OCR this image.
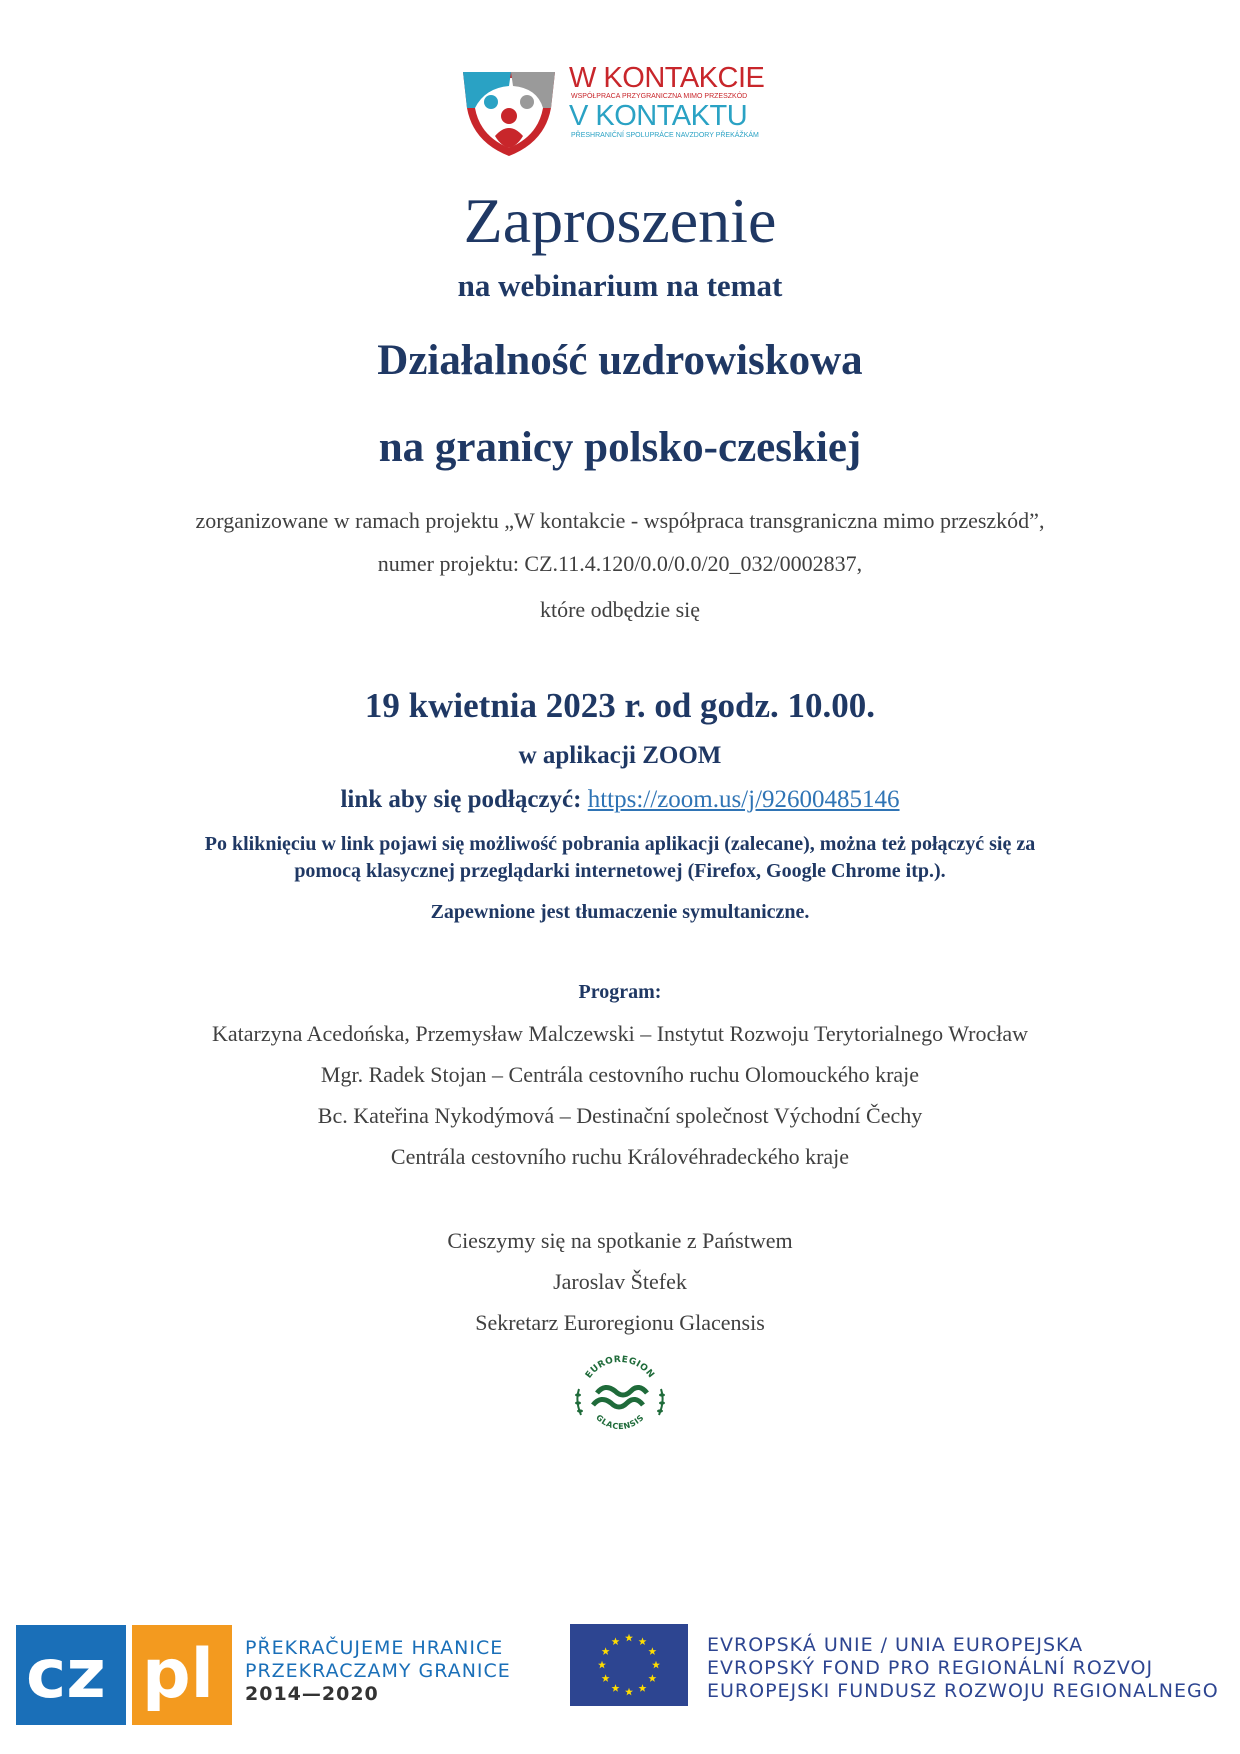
W KONTAKCIE
WSPÓŁPRACA PRZYGRANICZNA MIMO PRZESZKÓD
V KONTAKTU
PŘESHRANIČNÍ SPOLUPRÁCE NAVZDORY PŘEKÁŽKÁM
Zaproszenie
na webinarium na temat
Działalność uzdrowiskowa
na granicy polsko-czeskiej
zorganizowane w ramach projektu „W kontakcie - współpraca transgraniczna mimo przeszkód”,
numer projektu: CZ.11.4.120/0.0/0.0/20_032/0002837,
które odbędzie się
19 kwietnia 2023 r. od godz. 10.00.
w aplikacji ZOOM
link aby się podłączyć: https://zoom.us/j/92600485146
Po kliknięciu w link pojawi się możliwość pobrania aplikacji (zalecane), można też połączyć się za
pomocą klasycznej przeglądarki internetowej (Firefox, Google Chrome itp.).
Zapewnione jest tłumaczenie symultaniczne.
Program:
Katarzyna Acedońska, Przemysław Malczewski – Instytut Rozwoju Terytorialnego Wrocław
Mgr. Radek Stojan – Centrála cestovního ruchu Olomouckého kraje
Bc. Kateřina Nykodýmová – Destinační společnost Východní Čechy
Centrála cestovního ruchu Královéhradeckého kraje
Cieszymy się na spotkanie z Państwem
Jaroslav Štefek
Sekretarz Euroregionu Glacensis
EUROREGION
GLACENSIS
cz pl PŘEKRAČUJEME HRANICE
PRZEKRACZAMY GRANICE
2014—2020
EVROPSKÁ UNIE / UNIA EUROPEJSKA
EVROPSKÝ FOND PRO REGIONÁLNÍ ROZVOJ
EUROPEJSKI FUNDUSZ ROZWOJU REGIONALNEGO
